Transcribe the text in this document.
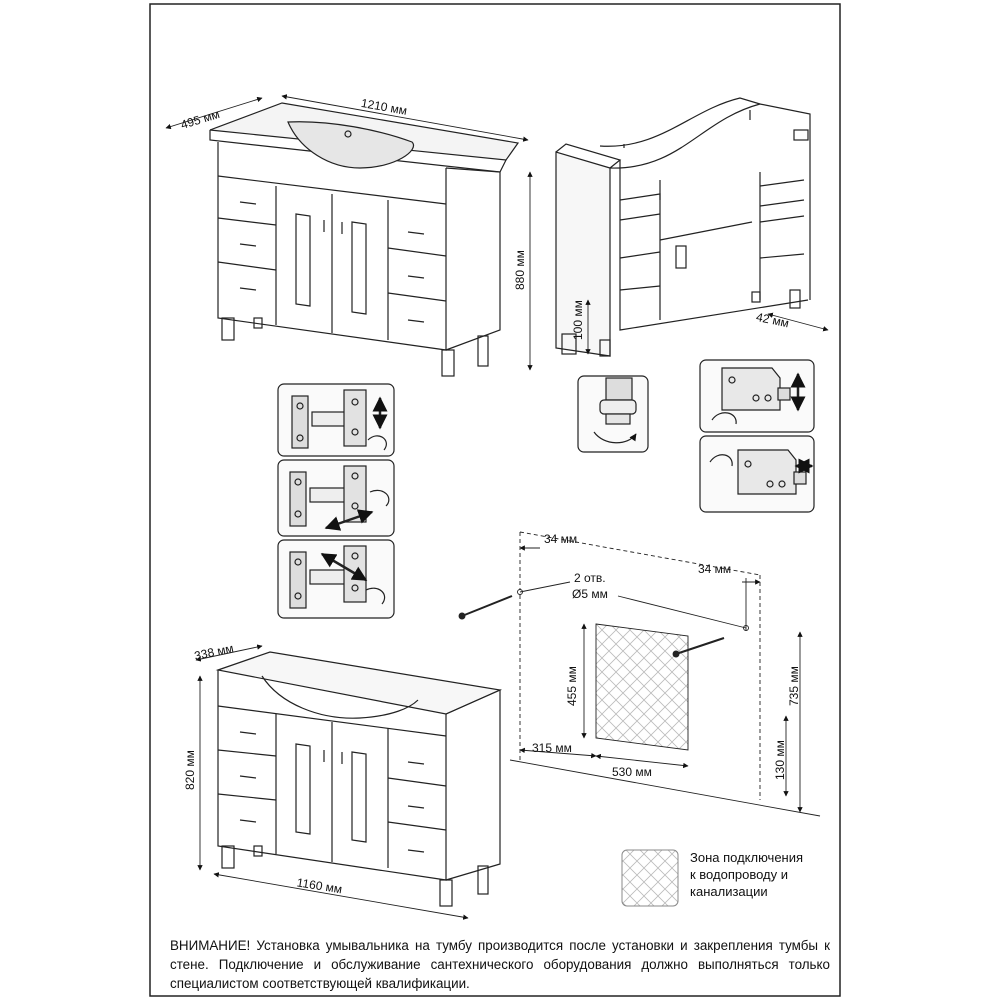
495 мм
1210 мм
880 мм
100 мм	42 мм
34 мм
34 мм
2 отв.
Ø5 мм
455 мм	735 мм
130 мм
315 мм
530 мм
338 мм
820 мм
1160 мм
Зона подключения
к водопроводу и
канализации
ВНИМАНИЕ! Установка умывальника на тумбу производится после установки и закрепления тумбы к стене. Подключение и обслуживание сантехнического оборудования должно выполняться только специалистом соответствующей квалификации.
